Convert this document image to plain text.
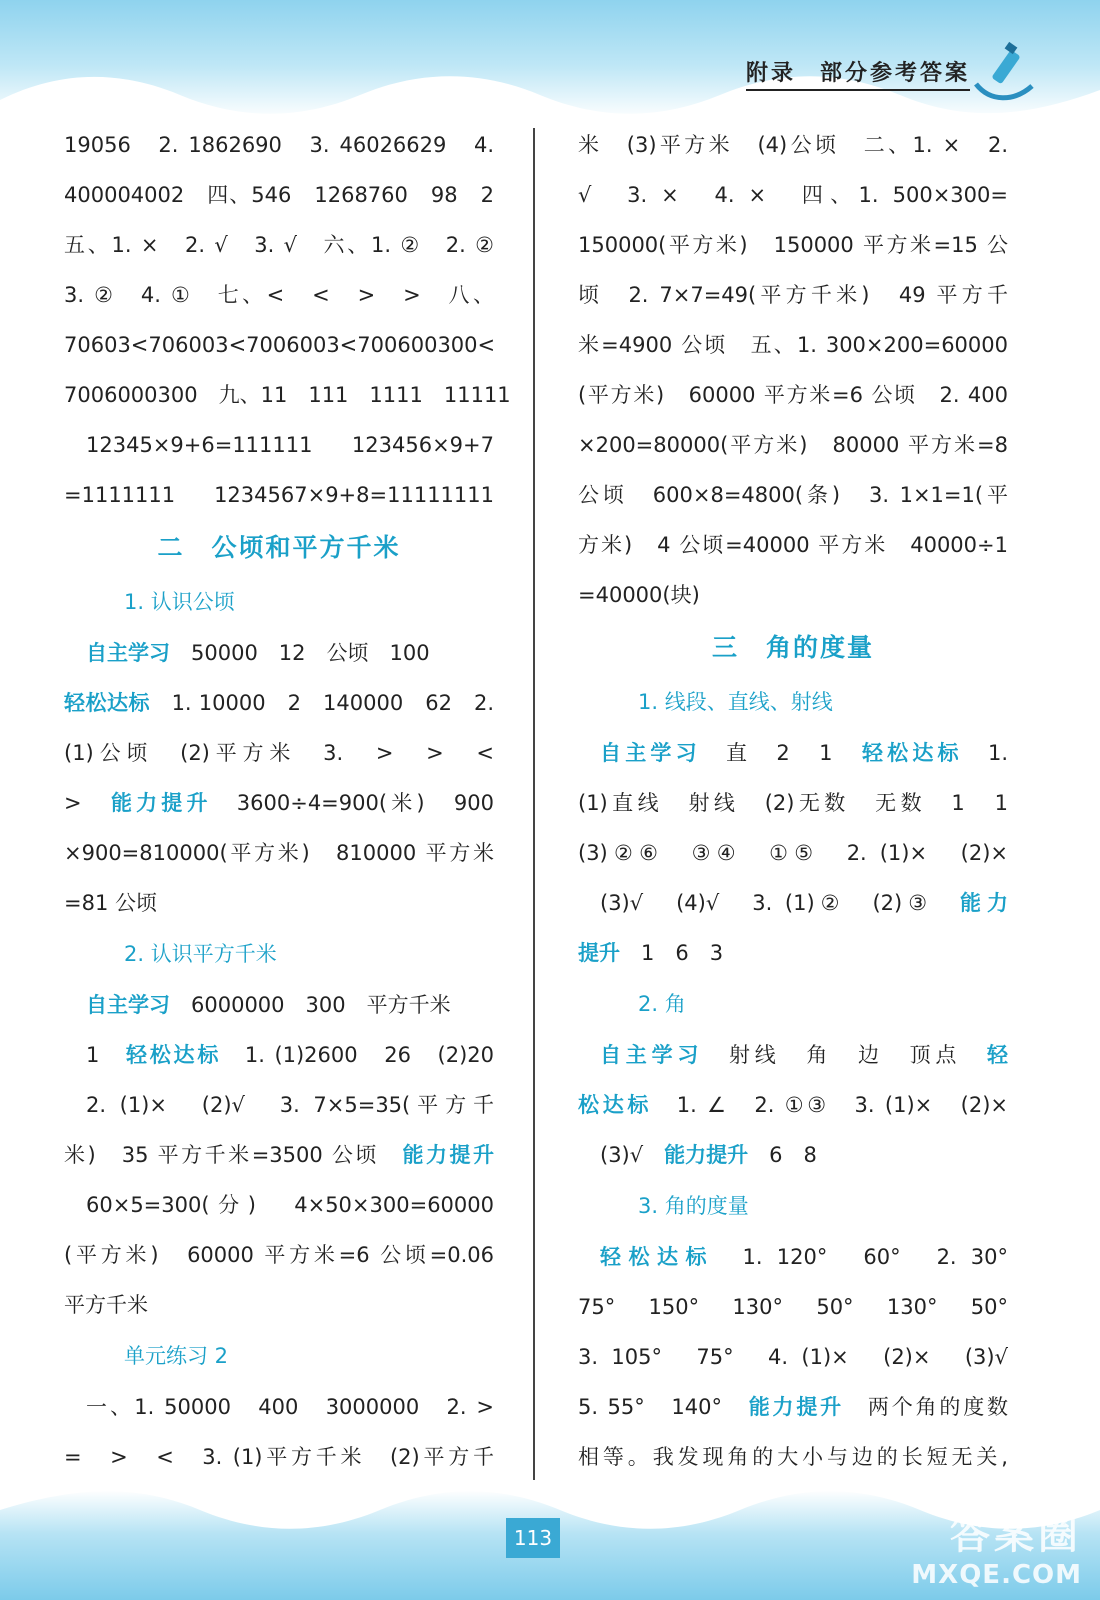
附录 部分参考答案
19056　2. 1862690　3. 46026629　4.
400004002　四、546　1268760　98　2
五、1. ×　2. √　3. √　六、1. ②　2. ②
3. ②　4. ①　七、<　<　>　>　八、
70603<706003<7006003<700600300<
7006000300　九、11　111　1111　11111
12345×9+6=111111　123456×9+7
=1111111　1234567×9+8=11111111
二　公顷和平方千米
1. 认识公顷
自主学习　50000　12　公顷　100
轻松达标　1. 10000　2　140000　62　2.
(1)公顷　(2)平方米　3.　>　>　<
>　能力提升　3600÷4=900(米)　900
×900=810000(平方米)　810000 平方米
=81 公顷
2. 认识平方千米
自主学习　6000000　300　平方千米
1　轻松达标　1. (1)2600　26　(2)20
2. (1)×　(2)√　3. 7×5=35(平方千
米)　35 平方千米=3500 公顷　能力提升
60×5=300(分)　4×50×300=60000
(平方米)　60000 平方米=6 公顷=0.06
平方千米
单元练习 2
一、1. 50000　400　3000000　2. >
=　>　<　3. (1)平方千米　(2)平方千
米　(3)平方米　(4)公顷　二、1. ×　2.
√　3. ×　4. ×　四、1. 500×300=
150000(平方米)　150000 平方米=15 公
顷　2. 7×7=49(平方千米)　49 平方千
米=4900 公顷　五、1. 300×200=60000
(平方米)　60000 平方米=6 公顷　2. 400
×200=80000(平方米)　80000 平方米=8
公顷　600×8=4800(条)　3. 1×1=1(平
方米)　4 公顷=40000 平方米　40000÷1
=40000(块)
三　角的度量
1. 线段、直线、射线
自主学习　直　2　1　轻松达标　1.
(1)直线　射线　(2)无数　无数　1　1
(3)②⑥　③④　①⑤　2. (1)×　(2)×
(3)√　(4)√　3. (1)②　(2)③　能力
提升　1　6　3
2. 角
自主学习　射线　角　边　顶点　轻
松达标　1. ∠　2. ①③　3. (1)×　(2)×
(3)√　能力提升　6　8
3. 角的度量
轻松达标　1. 120°　60°　2. 30°
75°　150°　130°　50°　130°　50°
3. 105°　75°　4. (1)×　(2)×　(3)√
5. 55°　140°　能力提升　两个角的度数
相等。我发现角的大小与边的长短无关,
113	答案圈
MXQE.COM
